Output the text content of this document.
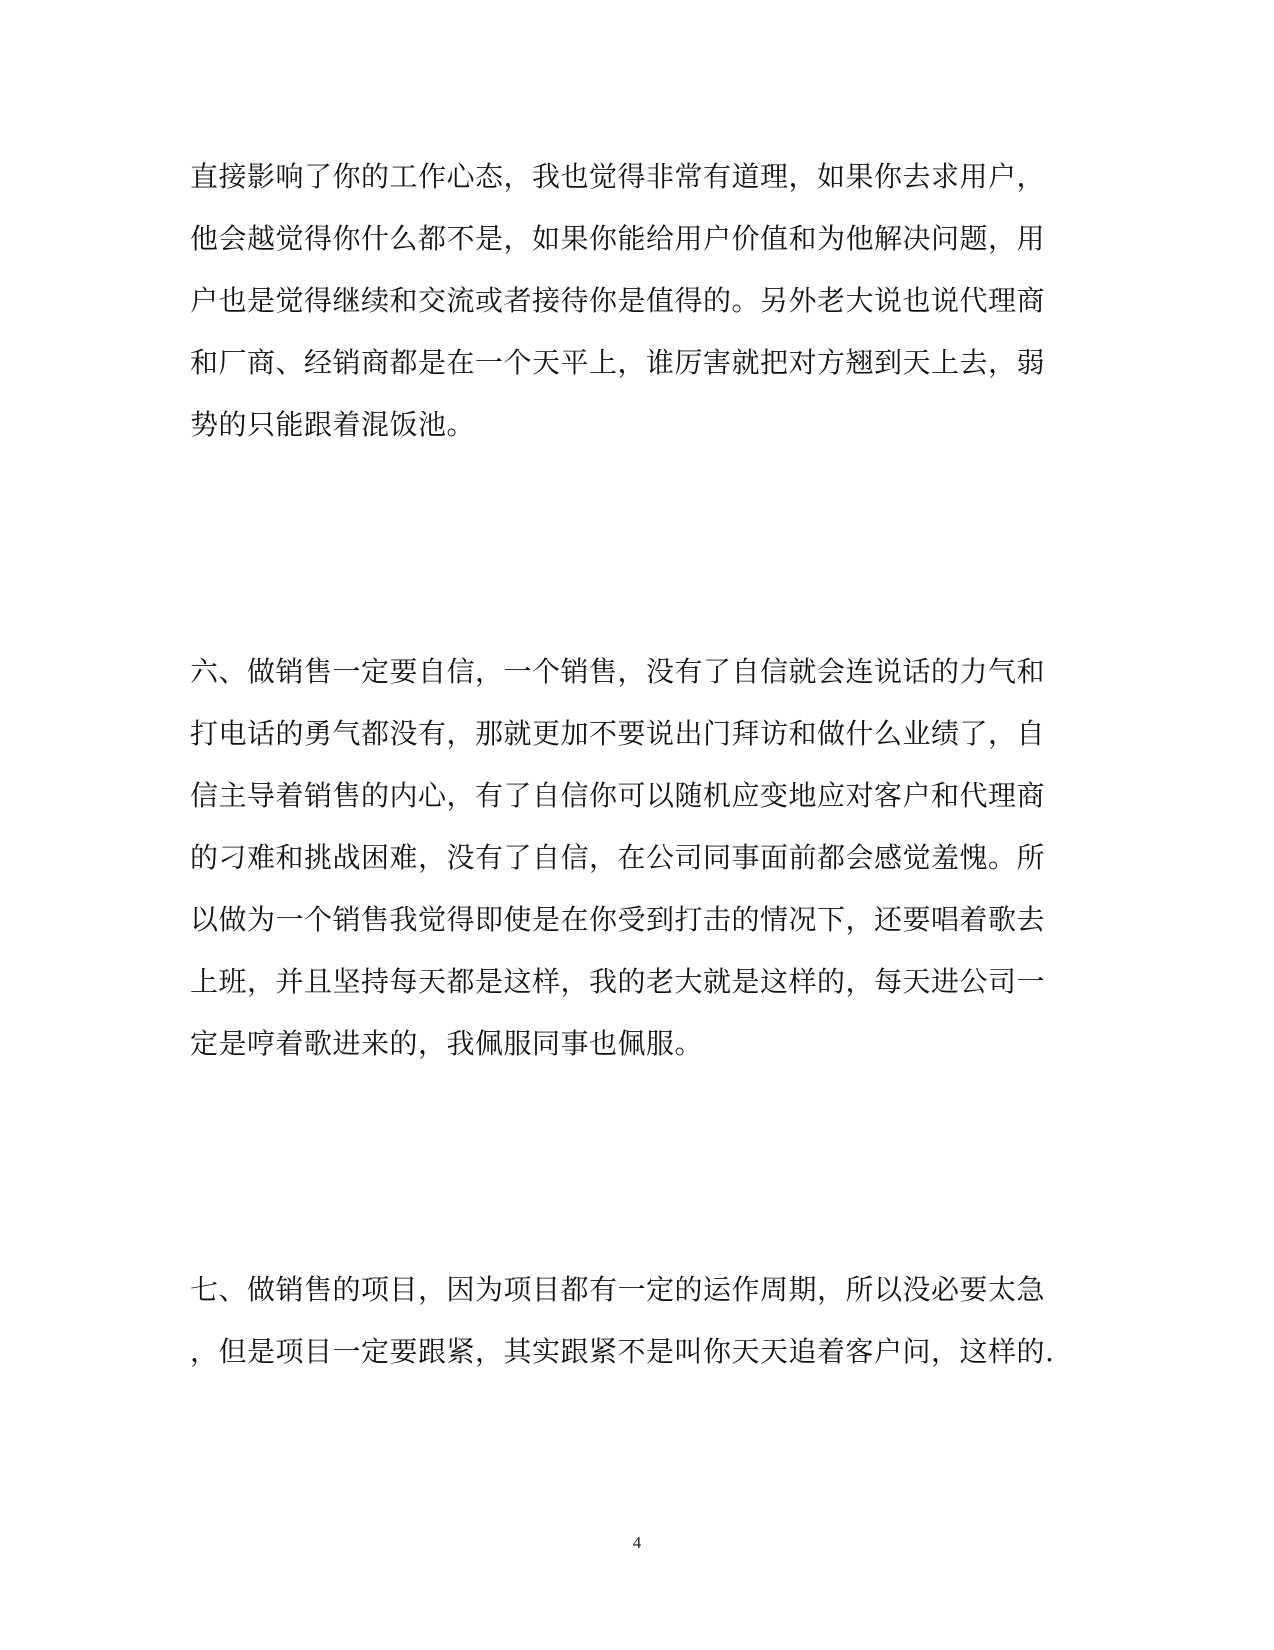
直接影响了你的工作心态，我也觉得非常有道理，如果你去求用户，
他会越觉得你什么都不是，如果你能给用户价值和为他解决问题，用
户也是觉得继续和交流或者接待你是值得的。另外老大说也说代理商
和厂商、经销商都是在一个天平上，谁厉害就把对方翘到天上去，弱
势的只能跟着混饭池。
六、做销售一定要自信，一个销售，没有了自信就会连说话的力气和
打电话的勇气都没有，那就更加不要说出门拜访和做什么业绩了，自
信主导着销售的内心，有了自信你可以随机应变地应对客户和代理商
的刁难和挑战困难，没有了自信，在公司同事面前都会感觉羞愧。所
以做为一个销售我觉得即使是在你受到打击的情况下，还要唱着歌去
上班，并且坚持每天都是这样，我的老大就是这样的，每天进公司一
定是哼着歌进来的，我佩服同事也佩服。
七、做销售的项目，因为项目都有一定的运作周期，所以没必要太急
，但是项目一定要跟紧，其实跟紧不是叫你天天追着客户问，这样的.
4
